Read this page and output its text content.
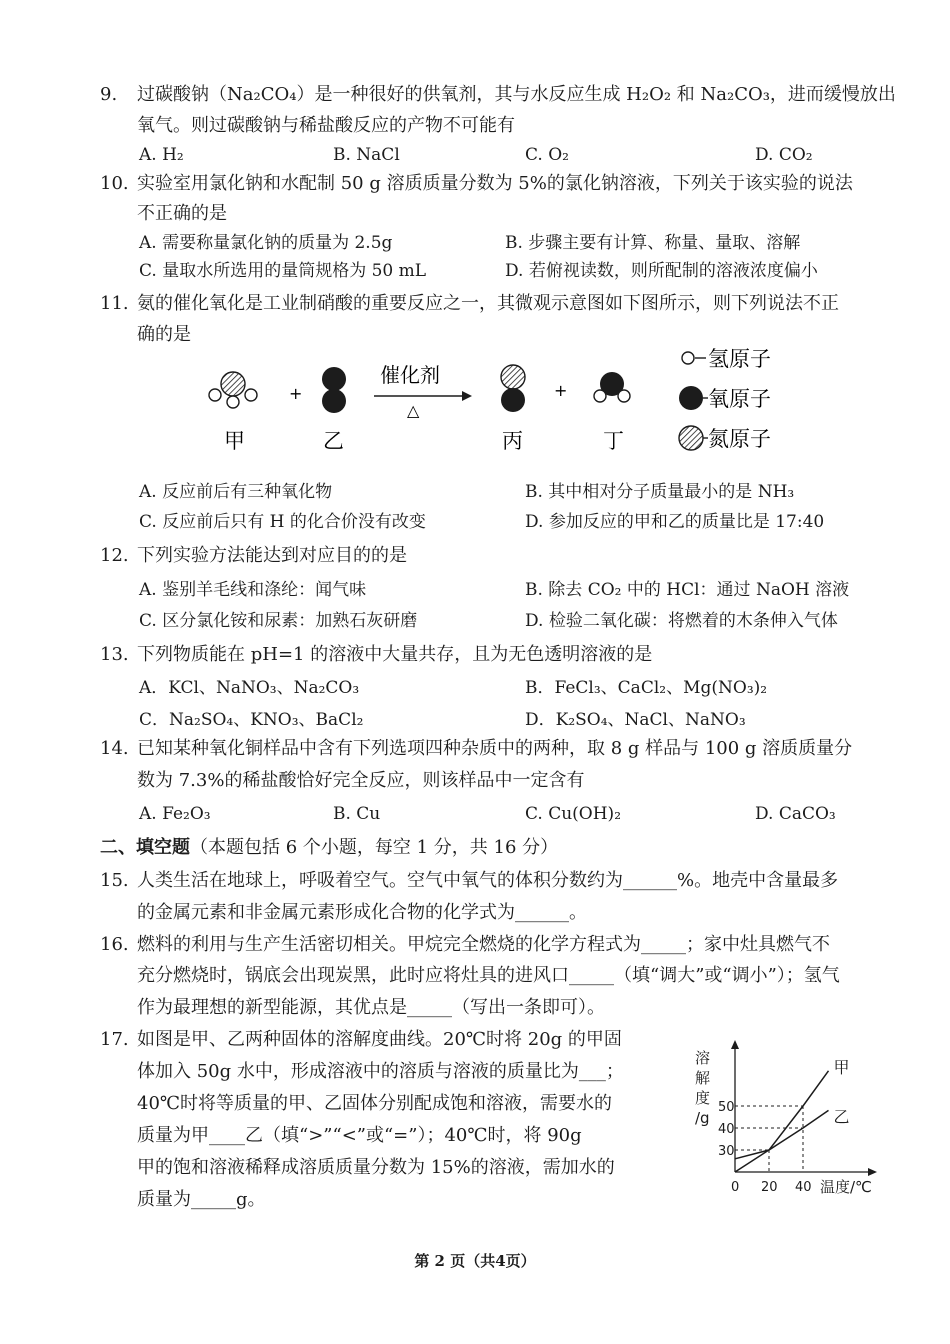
9. 过碳酸钠（Na₂CO₄）是一种很好的供氧剂，其与水反应生成 H₂O₂ 和 Na₂CO₃，进而缓慢放出
氧气。则过碳酸钠与稀盐酸反应的产物不可能有
A. H₂	B. NaCl	C. O₂	D. CO₂
10. 实验室用氯化钠和水配制 50 g 溶质质量分数为 5%的氯化钠溶液，下列关于该实验的说法
不正确的是
A. 需要称量氯化钠的质量为 2.5g	B. 步骤主要有计算、称量、量取、溶解
C. 量取水所选用的量筒规格为 50 mL	D. 若俯视读数，则所配制的溶液浓度偏小
11. 氨的催化氧化是工业制硝酸的重要反应之一，其微观示意图如下图所示，则下列说法不正
确的是
+
催化剂
△
+
甲	乙	丙	丁
氢原子
氧原子
氮原子
A. 反应前后有三种氧化物	B. 其中相对分子质量最小的是 NH₃
C. 反应前后只有 H 的化合价没有改变	D. 参加反应的甲和乙的质量比是 17:40
12. 下列实验方法能达到对应目的的是
A. 鉴别羊毛线和涤纶：闻气味	B. 除去 CO₂ 中的 HCl：通过 NaOH 溶液
C. 区分氯化铵和尿素：加熟石灰研磨	D. 检验二氧化碳：将燃着的木条伸入气体
13. 下列物质能在 pH=1 的溶液中大量共存，且为无色透明溶液的是
A．KCl、NaNO₃、Na₂CO₃	B．FeCl₃、CaCl₂、Mg(NO₃)₂
C．Na₂SO₄、KNO₃、BaCl₂	D．K₂SO₄、NaCl、NaNO₃
14. 已知某种氧化铜样品中含有下列选项四种杂质中的两种，取 8 g 样品与 100 g 溶质质量分
数为 7.3%的稀盐酸恰好完全反应，则该样品中一定含有
A. Fe₂O₃	B. Cu	C. Cu(OH)₂	D. CaCO₃
二、填空题（本题包括 6 个小题，每空 1 分，共 16 分）
15. 人类生活在地球上，呼吸着空气。空气中氧气的体积分数约为______%。地壳中含量最多
的金属元素和非金属元素形成化合物的化学式为______。
16. 燃料的利用与生产生活密切相关。甲烷完全燃烧的化学方程式为_____；家中灶具燃气不
充分燃烧时，锅底会出现炭黑，此时应将灶具的进风口_____（填“调大”或“调小”）；氢气
作为最理想的新型能源，其优点是_____（写出一条即可）。
17. 如图是甲、乙两种固体的溶解度曲线。20℃时将 20g 的甲固
体加入 50g 水中，形成溶液中的溶质与溶液的质量比为___；
40℃时将等质量的甲、乙固体分别配成饱和溶液，需要水的
质量为甲____乙（填“>”“<”或“=”）；40℃时，将 90g
甲的饱和溶液稀释成溶质质量分数为 15%的溶液，需加水的
质量为_____g。
甲
乙
30
40
50
0 20 40 温度/℃
溶
解
度
/g
第 2 页（共4页）
